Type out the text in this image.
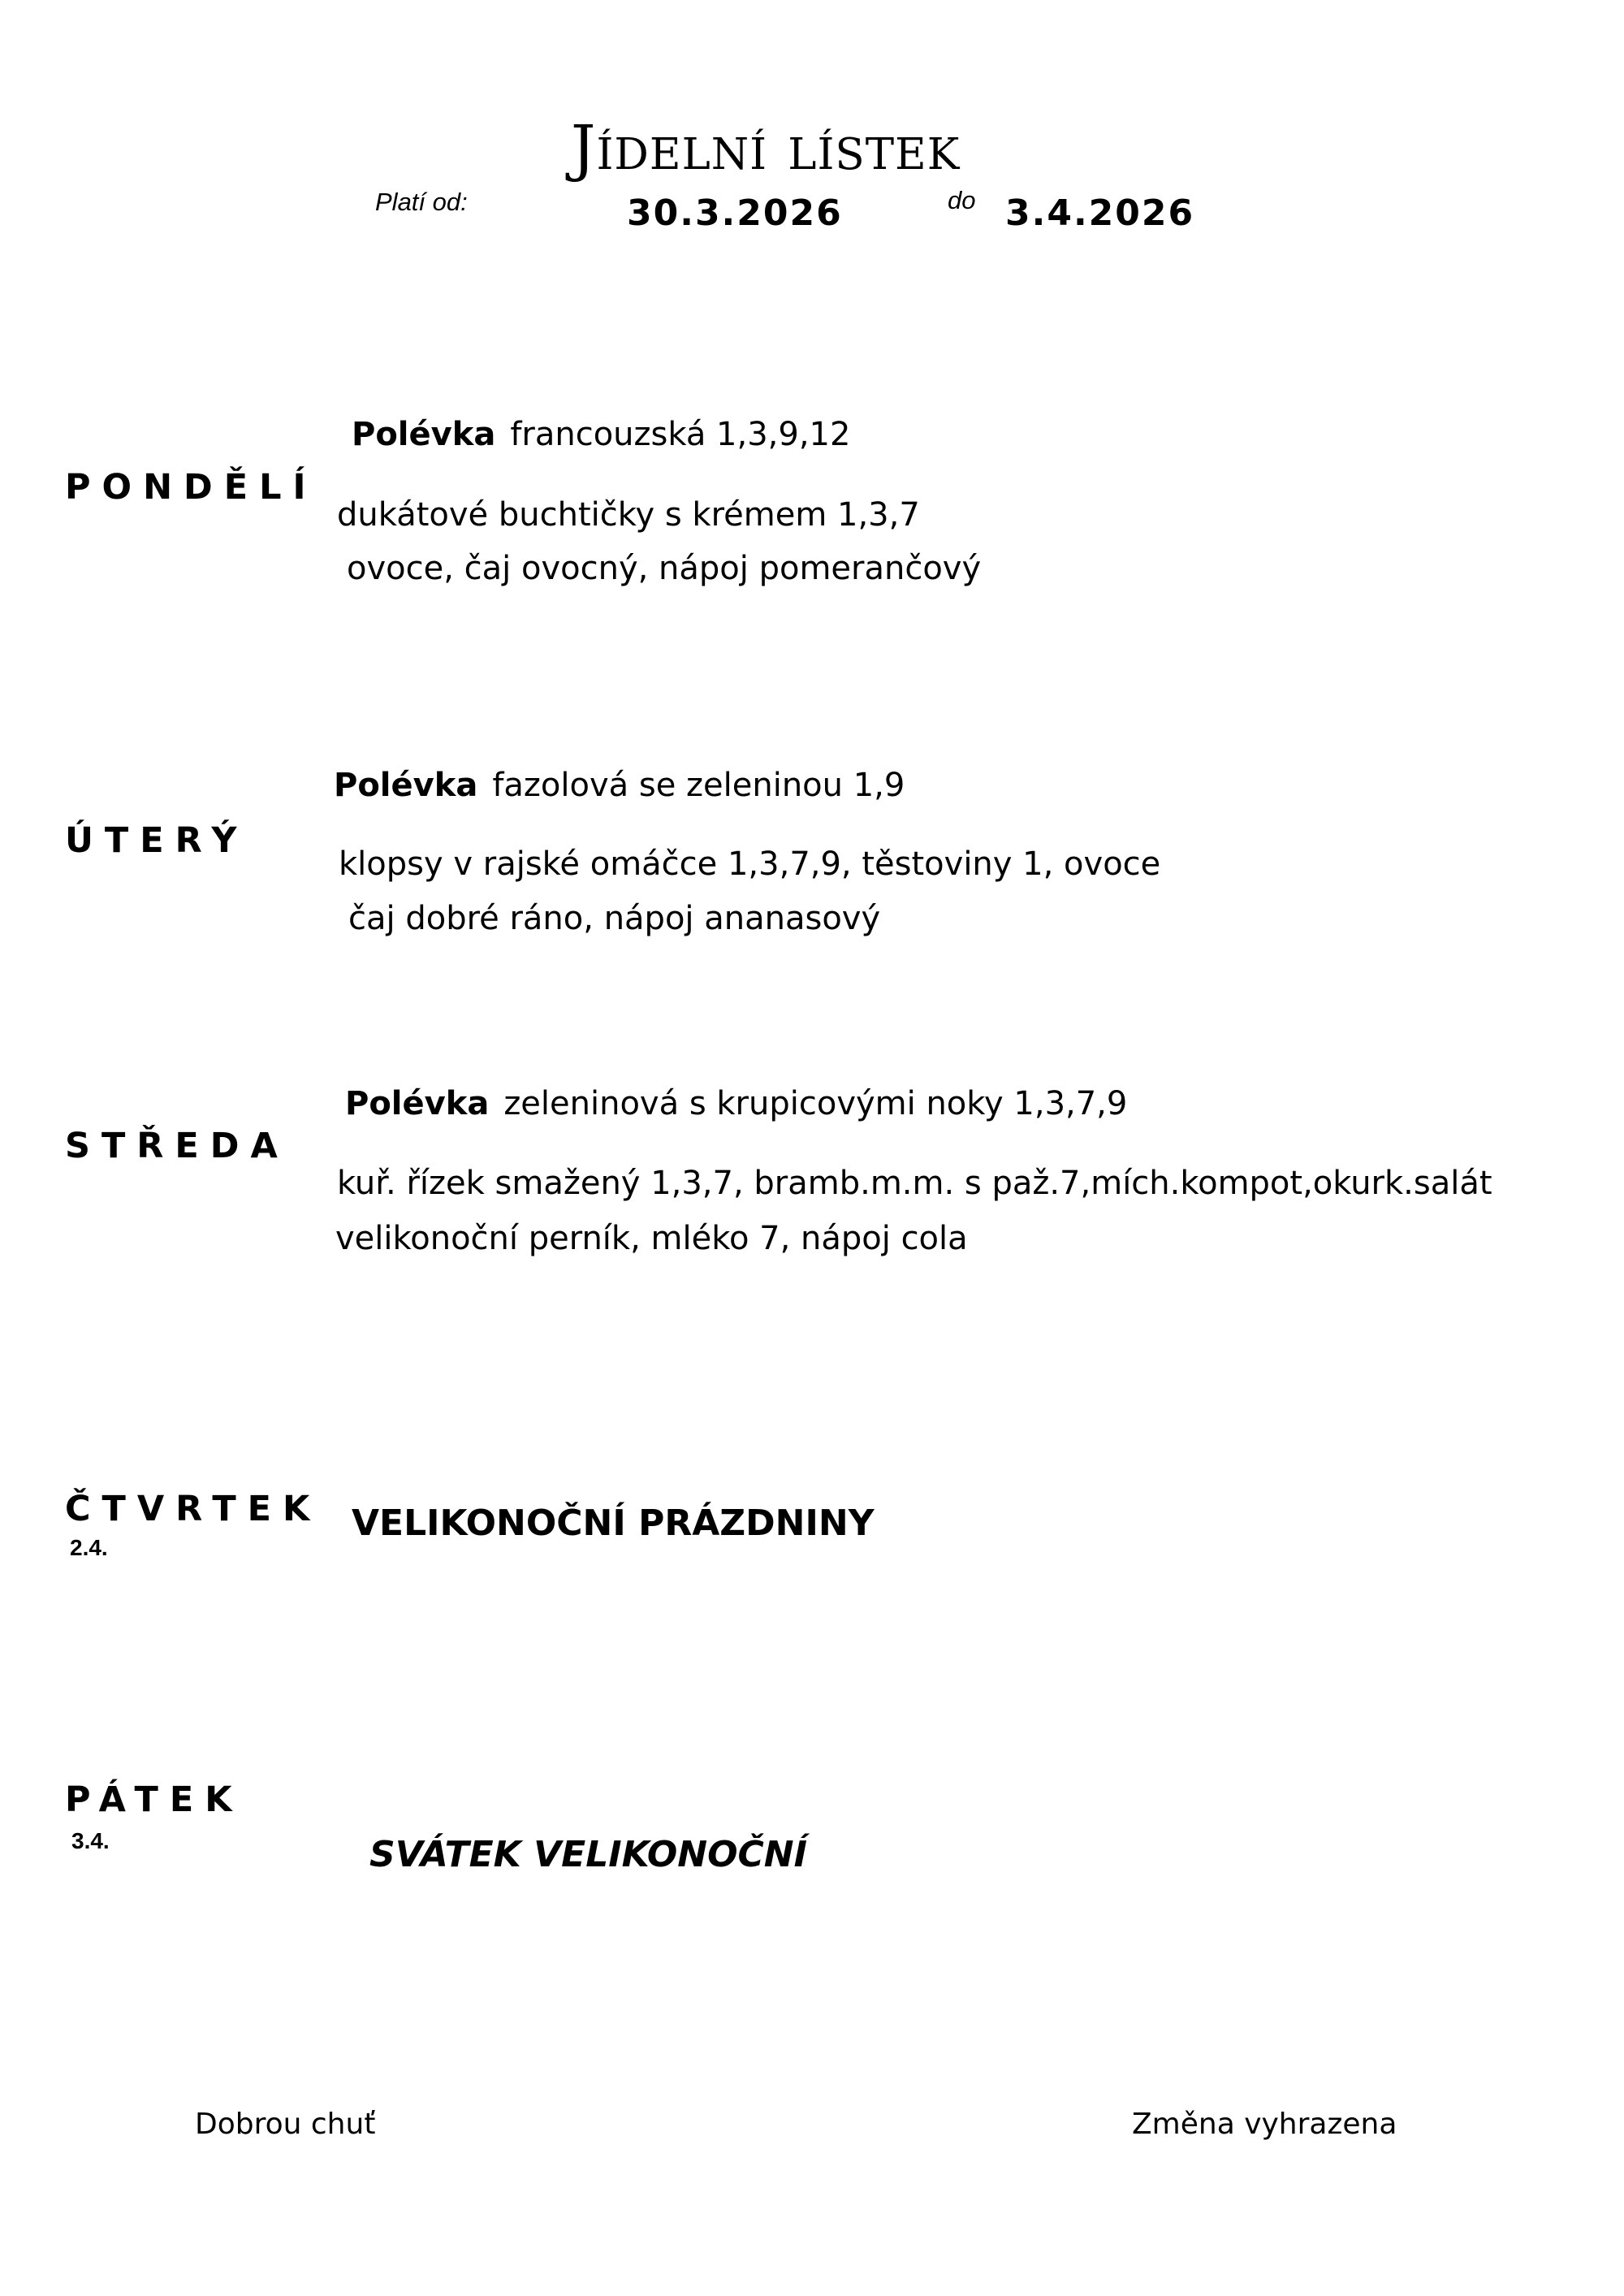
Jídelní lístek
Platí od:	30.3.2026	do 3.4.2026
PONDĚLÍ
Polévka francouzská 1,3,9,12
dukátové buchtičky s krémem 1,3,7
ovoce, čaj ovocný, nápoj pomerančový
ÚTERÝ
Polévka fazolová se zeleninou 1,9
klopsy v rajské omáčce 1,3,7,9, těstoviny 1, ovoce
čaj dobré ráno, nápoj ananasový
STŘEDA
Polévka zeleninová s krupicovými noky 1,3,7,9
kuř. řízek smažený 1,3,7, bramb.m.m. s paž.7,mích.kompot,okurk.salát
velikonoční perník, mléko 7, nápoj cola
ČTVRTEK
2.4.
VELIKONOČNÍ PRÁZDNINY
PÁTEK
3.4.	SVÁTEK VELIKONOČNÍ
Dobrou chuť	Změna vyhrazena
